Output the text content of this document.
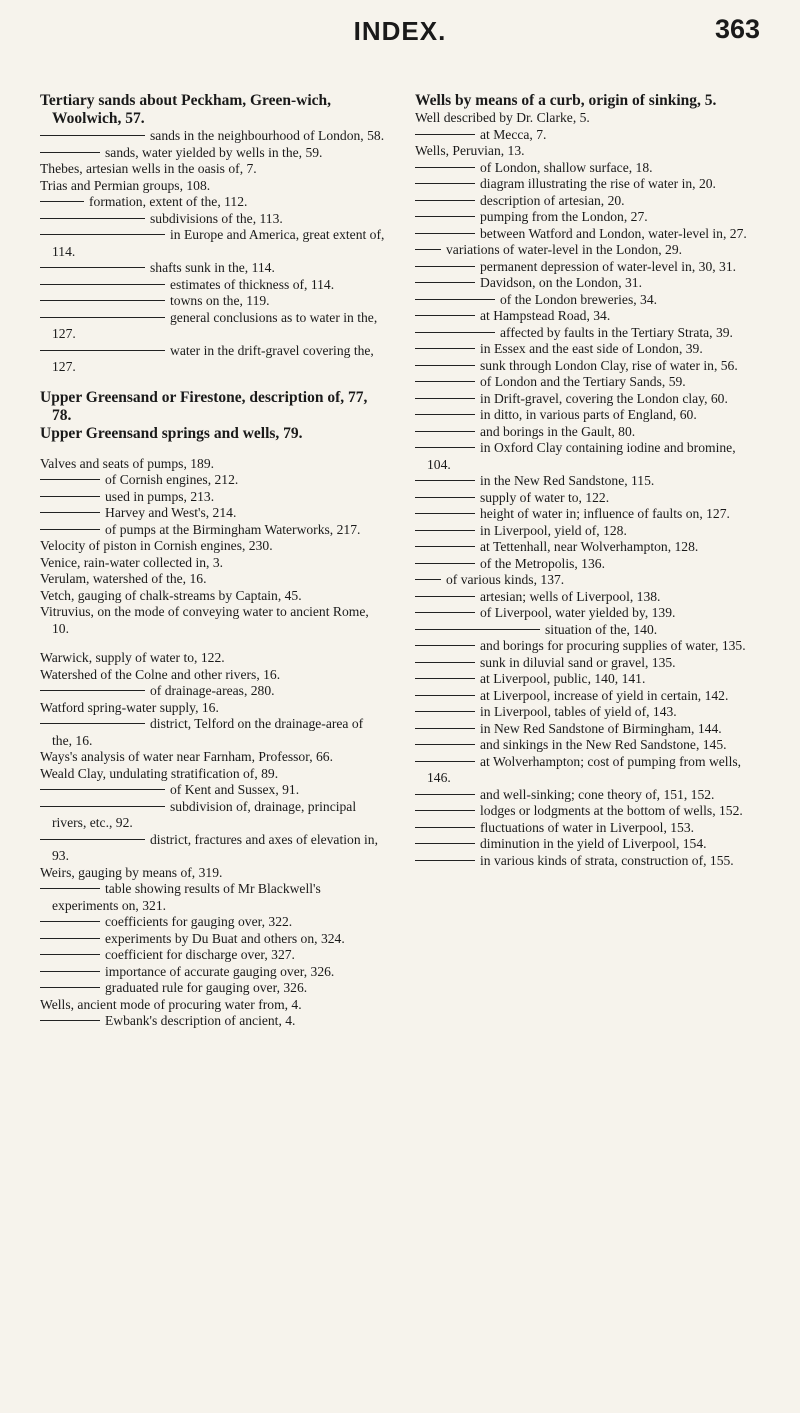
INDEX.	363

Tertiary sands about Peckham, Green-wich, Woolwich, 57.

sands in the neighbourhood of London, 58.

sands, water yielded by wells in the, 59.

Thebes, artesian wells in the oasis of, 7.

Trias and Permian groups, 108.

formation, extent of the, 112.

subdivisions of the, 113.

in Europe and America, great extent of, 114.

shafts sunk in the, 114.

estimates of thickness of, 114.

towns on the, 119.

general conclusions as to water in the, 127.

water in the drift-gravel covering the, 127.

Upper Greensand or Firestone, description of, 77, 78.

Upper Greensand springs and wells, 79.

Valves and seats of pumps, 189.

of Cornish engines, 212.

used in pumps, 213.

Harvey and West's, 214.

of pumps at the Birmingham Waterworks, 217.

Velocity of piston in Cornish engines, 230.

Venice, rain-water collected in, 3.

Verulam, watershed of the, 16.

Vetch, gauging of chalk-streams by Captain, 45.

Vitruvius, on the mode of conveying water to ancient Rome, 10.

Warwick, supply of water to, 122.

Watershed of the Colne and other rivers, 16.

of drainage-areas, 280.

Watford spring-water supply, 16.

district, Telford on the drainage-area of the, 16.

Ways's analysis of water near Farnham, Professor, 66.

Weald Clay, undulating stratification of, 89.

of Kent and Sussex, 91.

subdivision of, drainage, principal rivers, etc., 92.

district, fractures and axes of elevation in, 93.

Weirs, gauging by means of, 319.

table showing results of Mr Blackwell's experiments on, 321.

coefficients for gauging over, 322.

experiments by Du Buat and others on, 324.

coefficient for discharge over, 327.

importance of accurate gauging over, 326.

graduated rule for gauging over, 326.

Wells, ancient mode of procuring water from, 4.

Ewbank's description of ancient, 4.

Wells by means of a curb, origin of sinking, 5.

Well described by Dr. Clarke, 5.

at Mecca, 7.

Wells, Peruvian, 13.

of London, shallow surface, 18.

diagram illustrating the rise of water in, 20.

description of artesian, 20.

pumping from the London, 27.

between Watford and London, water-level in, 27.

variations of water-level in the London, 29.

permanent depression of water-level in, 30, 31.

Davidson, on the London, 31.

of the London breweries, 34.

at Hampstead Road, 34.

affected by faults in the Tertiary Strata, 39.

in Essex and the east side of London, 39.

sunk through London Clay, rise of water in, 56.

of London and the Tertiary Sands, 59.

in Drift-gravel, covering the London clay, 60.

in ditto, in various parts of England, 60.

and borings in the Gault, 80.

in Oxford Clay containing iodine and bromine, 104.

in the New Red Sandstone, 115.

supply of water to, 122.

height of water in; influence of faults on, 127.

in Liverpool, yield of, 128.

at Tettenhall, near Wolverhampton, 128.

of the Metropolis, 136.

of various kinds, 137.

artesian; wells of Liverpool, 138.

of Liverpool, water yielded by, 139.

situation of the, 140.

and borings for procuring supplies of water, 135.

sunk in diluvial sand or gravel, 135.

at Liverpool, public, 140, 141.

at Liverpool, increase of yield in certain, 142.

in Liverpool, tables of yield of, 143.

in New Red Sandstone of Birmingham, 144.

and sinkings in the New Red Sandstone, 145.

at Wolverhampton; cost of pumping from wells, 146.

and well-sinking; cone theory of, 151, 152.

lodges or lodgments at the bottom of wells, 152.

fluctuations of water in Liverpool, 153.

diminution in the yield of Liverpool, 154.

in various kinds of strata, construction of, 155.
